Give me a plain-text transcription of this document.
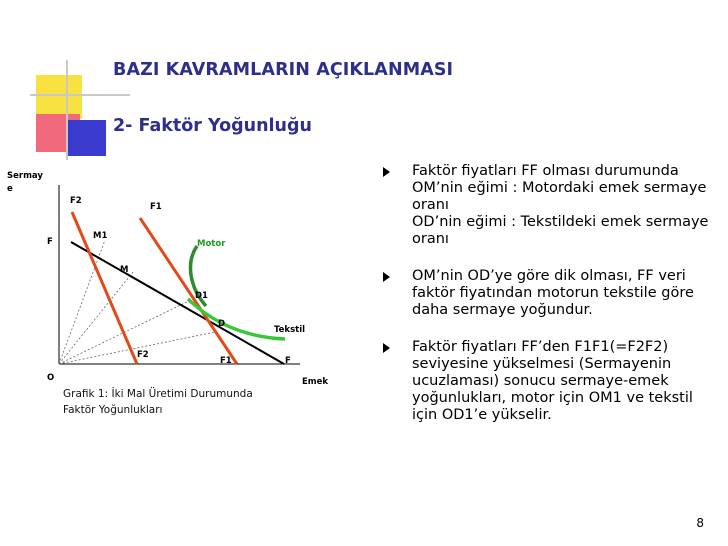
BAZI KAVRAMLARIN AÇIKLANMASI
2- Faktör Yoğunluğu
Sermay
e
F2
F1
M1
F	Motor
M
D1
D
Tekstil
F2
F1	F
O	Emek
Grafik 1: İki Mal Üretimi Durumunda
Faktör Yoğunlukları

Faktör fiyatları FF olması durumunda

OM’nin eğimi : Motordaki emek sermaye oranı

OD’nin eğimi : Tekstildeki emek sermaye oranı

OM’nin OD’ye göre dik olması, FF veri faktör fiyatından motorun tekstile göre daha sermaye yoğundur.

Faktör fiyatları FF’den F1F1(=F2F2) seviyesine yükselmesi (Sermayenin ucuzlaması) sonucu sermaye-emek yoğunlukları, motor için OM1 ve tekstil için OD1’e yükselir.

8
